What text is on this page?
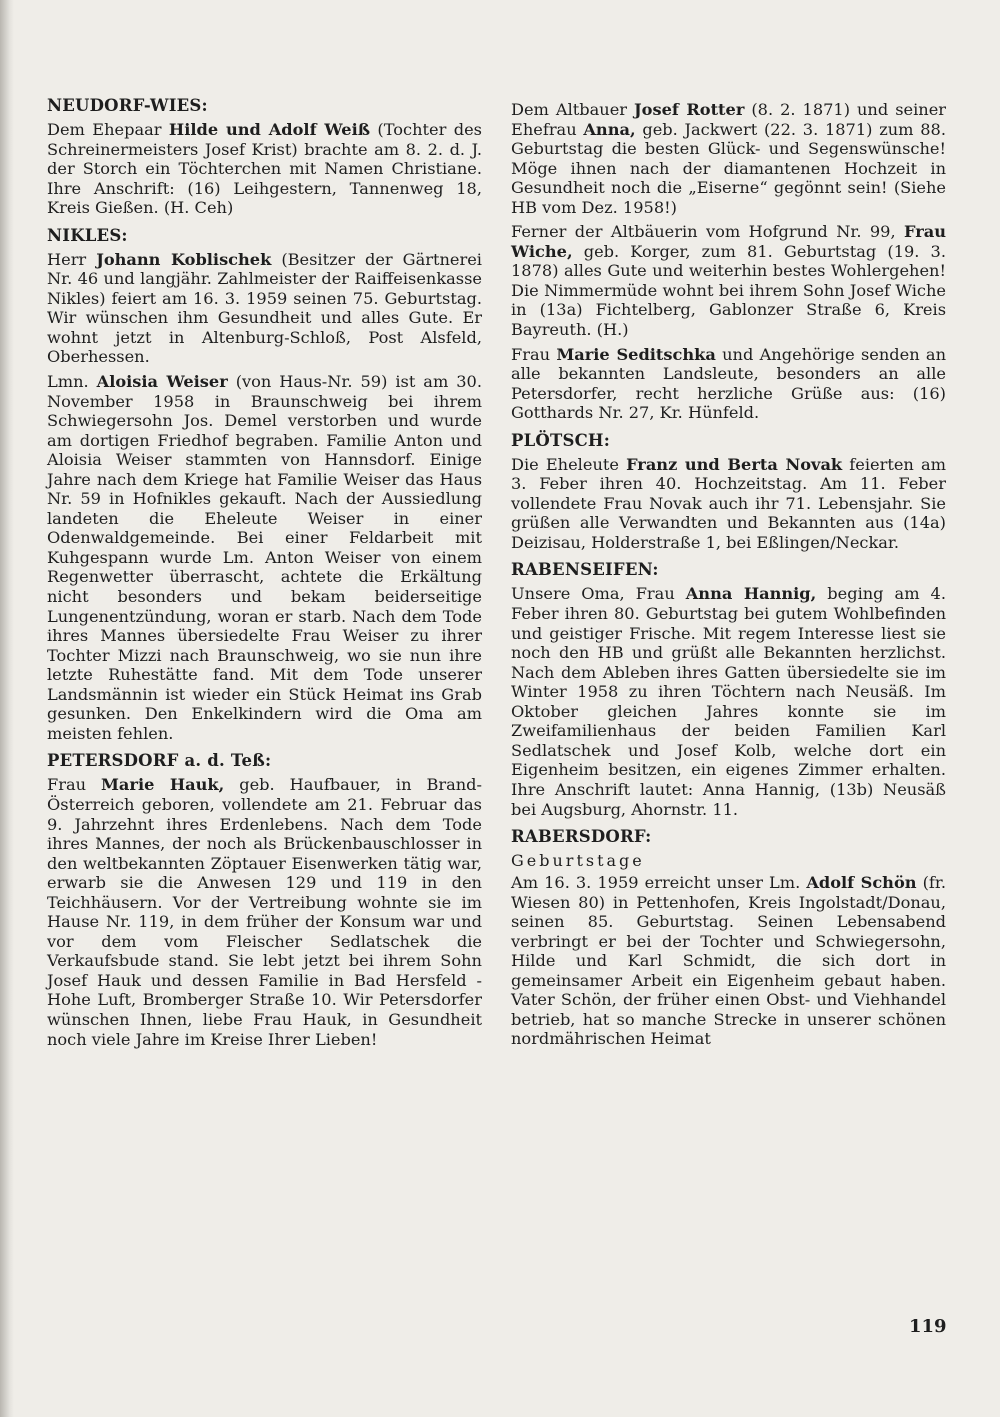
NEUDORF-WIES:

Dem Ehepaar Hilde und Adolf Weiß (Tochter des Schreinermeisters Josef Krist) brachte am 8. 2. d. J. der Storch ein Töchterchen mit Namen Christiane. Ihre Anschrift: (16) Leihgestern, Tannenweg 18, Kreis Gießen. (H. Ceh)

NIKLES:

Herr Johann Koblischek (Besitzer der Gärtnerei Nr. 46 und langjähr. Zahlmeister der Raiffeisenkasse Nikles) feiert am 16. 3. 1959 seinen 75. Geburtstag. Wir wünschen ihm Gesundheit und alles Gute. Er wohnt jetzt in Altenburg-Schloß, Post Alsfeld, Oberhessen.

Lmn. Aloisia Weiser (von Haus-Nr. 59) ist am 30. November 1958 in Braunschweig bei ihrem Schwiegersohn Jos. Demel verstorben und wurde am dortigen Friedhof begraben. Familie Anton und Aloisia Weiser stammten von Hannsdorf. Einige Jahre nach dem Kriege hat Familie Weiser das Haus Nr. 59 in Hofnikles gekauft. Nach der Aussiedlung landeten die Eheleute Weiser in einer Odenwaldgemeinde. Bei einer Feldarbeit mit Kuhgespann wurde Lm. Anton Weiser von einem Regenwetter überrascht, achtete die Erkältung nicht besonders und bekam beiderseitige Lungenentzündung, woran er starb. Nach dem Tode ihres Mannes übersiedelte Frau Weiser zu ihrer Tochter Mizzi nach Braunschweig, wo sie nun ihre letzte Ruhestätte fand. Mit dem Tode unserer Landsmännin ist wieder ein Stück Heimat ins Grab gesunken. Den Enkelkindern wird die Oma am meisten fehlen.

PETERSDORF a. d. Teß:

Frau Marie Hauk, geb. Haufbauer, in Brand-Österreich geboren, vollendete am 21. Februar das 9. Jahrzehnt ihres Erdenlebens. Nach dem Tode ihres Mannes, der noch als Brückenbauschlosser in den weltbekannten Zöptauer Eisenwerken tätig war, erwarb sie die Anwesen 129 und 119 in den Teichhäusern. Vor der Vertreibung wohnte sie im Hause Nr. 119, in dem früher der Konsum war und vor dem vom Fleischer Sedlatschek die Verkaufsbude stand. Sie lebt jetzt bei ihrem Sohn Josef Hauk und dessen Familie in Bad Hersfeld - Hohe Luft, Bromberger Straße 10. Wir Petersdorfer wünschen Ihnen, liebe Frau Hauk, in Gesundheit noch viele Jahre im Kreise Ihrer Lieben!

Dem Altbauer Josef Rotter (8. 2. 1871) und seiner Ehefrau Anna, geb. Jackwert (22. 3. 1871) zum 88. Geburtstag die besten Glück- und Segenswünsche! Möge ihnen nach der diamantenen Hochzeit in Gesundheit noch die „Eiserne“ gegönnt sein! (Siehe HB vom Dez. 1958!)

Ferner der Altbäuerin vom Hofgrund Nr. 99, Frau Wiche, geb. Korger, zum 81. Geburtstag (19. 3. 1878) alles Gute und weiterhin bestes Wohlergehen! Die Nimmermüde wohnt bei ihrem Sohn Josef Wiche in (13a) Fichtelberg, Gablonzer Straße 6, Kreis Bayreuth. (H.)

Frau Marie Seditschka und Angehörige senden an alle bekannten Landsleute, besonders an alle Petersdorfer, recht herzliche Grüße aus: (16) Gotthards Nr. 27, Kr. Hünfeld.

PLÖTSCH:

Die Eheleute Franz und Berta Novak feierten am 3. Feber ihren 40. Hochzeitstag. Am 11. Feber vollendete Frau Novak auch ihr 71. Lebensjahr. Sie grüßen alle Verwandten und Bekannten aus (14a) Deizisau, Holderstraße 1, bei Eßlingen/Neckar.

RABENSEIFEN:

Unsere Oma, Frau Anna Hannig, beging am 4. Feber ihren 80. Geburtstag bei gutem Wohlbefinden und geistiger Frische. Mit regem Interesse liest sie noch den HB und grüßt alle Bekannten herzlichst. Nach dem Ableben ihres Gatten übersiedelte sie im Winter 1958 zu ihren Töchtern nach Neusäß. Im Oktober gleichen Jahres konnte sie im Zweifamilienhaus der beiden Familien Karl Sedlatschek und Josef Kolb, welche dort ein Eigenheim besitzen, ein eigenes Zimmer erhalten. Ihre Anschrift lautet: Anna Hannig, (13b) Neusäß bei Augsburg, Ahornstr. 11.

RABERSDORF:
Geburtstage

Am 16. 3. 1959 erreicht unser Lm. Adolf Schön (fr. Wiesen 80) in Pettenhofen, Kreis Ingolstadt/Donau, seinen 85. Geburtstag. Seinen Lebensabend verbringt er bei der Tochter und Schwiegersohn, Hilde und Karl Schmidt, die sich dort in gemeinsamer Arbeit ein Eigenheim gebaut haben. Vater Schön, der früher einen Obst- und Viehhandel betrieb, hat so manche Strecke in unserer schönen nordmährischen Heimat

119
